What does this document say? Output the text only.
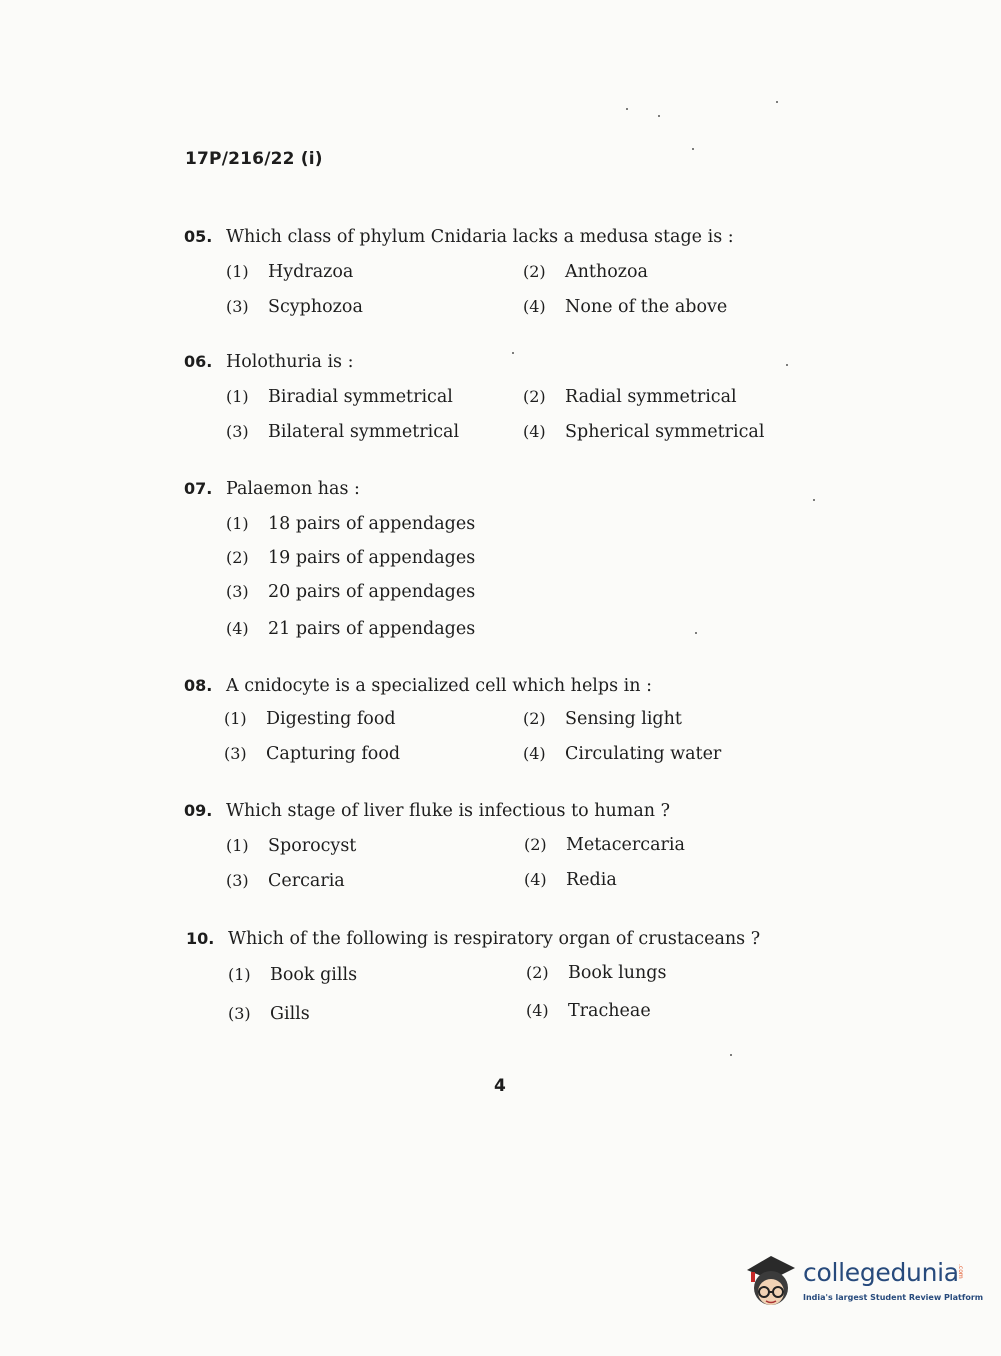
17P/216/22 (i)
05. Which class of phylum Cnidaria lacks a medusa stage is :
(1) Hydrazoa	(2) Anthozoa
(3) Scyphozoa	(4) None of the above
06. Holothuria is :
(1) Biradial symmetrical	(2) Radial symmetrical
(3) Bilateral symmetrical	(4) Spherical symmetrical
07. Palaemon has :
(1) 18 pairs of appendages
(2) 19 pairs of appendages
(3) 20 pairs of appendages
(4) 21 pairs of appendages
08. A cnidocyte is a specialized cell which helps in :
(1) Digesting food	(2) Sensing light
(3) Capturing food	(4) Circulating water
09. Which stage of liver fluke is infectious to human ?
(1) Sporocyst	(2) Metacercaria
(3) Cercaria	(4) Redia
10. Which of the following is respiratory organ of crustaceans ?
(1) Book gills	(2) Book lungs
(3) Gills	(4) Tracheae
4
collegedunia
.com
India's largest Student Review Platform
